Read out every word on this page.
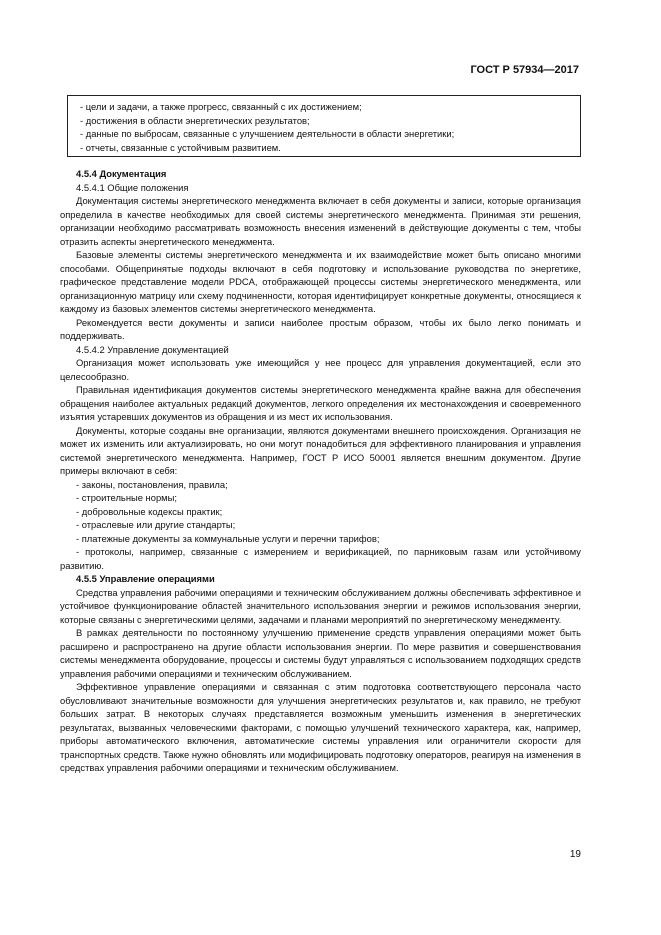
ГОСТ Р 57934—2017
- цели и задачи, а также прогресс, связанный с их достижением;
- достижения в области энергетических результатов;
- данные по выбросам, связанные с улучшением деятельности в области энергетики;
- отчеты, связанные с устойчивым развитием.
4.5.4 Документация
4.5.4.1 Общие положения
Документация системы энергетического менеджмента включает в себя документы и записи, которые организация определила в качестве необходимых для своей системы энергетического менеджмента. Принимая эти решения, организации необходимо рассматривать возможность внесения изменений в действующие документы с тем, чтобы отразить аспекты энергетического менеджмента.
Базовые элементы системы энергетического менеджмента и их взаимодействие может быть описано многими способами. Общепринятые подходы включают в себя подготовку и использование руководства по энергетике, графическое представление модели PDCA, отображающей процессы системы энергетического менеджмента, или организационную матрицу или схему подчиненности, которая идентифицирует конкретные документы, относящиеся к каждому из базовых элементов системы энергетического менеджмента.
Рекомендуется вести документы и записи наиболее простым образом, чтобы их было легко понимать и поддерживать.
4.5.4.2 Управление документацией
Организация может использовать уже имеющийся у нее процесс для управления документацией, если это целесообразно.
Правильная идентификация документов системы энергетического менеджмента крайне важна для обеспечения обращения наиболее актуальных редакций документов, легкого определения их местонахождения и своевременного изъятия устаревших документов из обращения и из мест их использования.
Документы, которые созданы вне организации, являются документами внешнего происхождения. Организация не может их изменить или актуализировать, но они могут понадобиться для эффективного планирования и управления системой энергетического менеджмента. Например, ГОСТ Р ИСО 50001 является внешним документом. Другие примеры включают в себя:
- законы, постановления, правила;
- строительные нормы;
- добровольные кодексы практик;
- отраслевые или другие стандарты;
- платежные документы за коммунальные услуги и перечни тарифов;
- протоколы, например, связанные с измерением и верификацией, по парниковым газам или устойчивому развитию.
4.5.5 Управление операциями
Средства управления рабочими операциями и техническим обслуживанием должны обеспечивать эффективное и устойчивое функционирование областей значительного использования энергии и режимов использования энергии, которые связаны с энергетическими целями, задачами и планами мероприятий по энергетическому менеджменту.
В рамках деятельности по постоянному улучшению применение средств управления операциями может быть расширено и распространено на другие области использования энергии. По мере развития и совершенствования системы менеджмента оборудование, процессы и системы будут управляться с использованием подходящих средств управления рабочими операциями и техническим обслуживанием.
Эффективное управление операциями и связанная с этим подготовка соответствующего персонала часто обусловливают значительные возможности для улучшения энергетических результатов и, как правило, не требуют больших затрат. В некоторых случаях представляется возможным уменьшить изменения в энергетических результатах, вызванных человеческими факторами, с помощью улучшений технического характера, как, например, приборы автоматического включения, автоматические системы управления или ограничители скорости для транспортных средств. Также нужно обновлять или модифицировать подготовку операторов, реагируя на изменения в средствах управления рабочими операциями и техническим обслуживанием.
19
